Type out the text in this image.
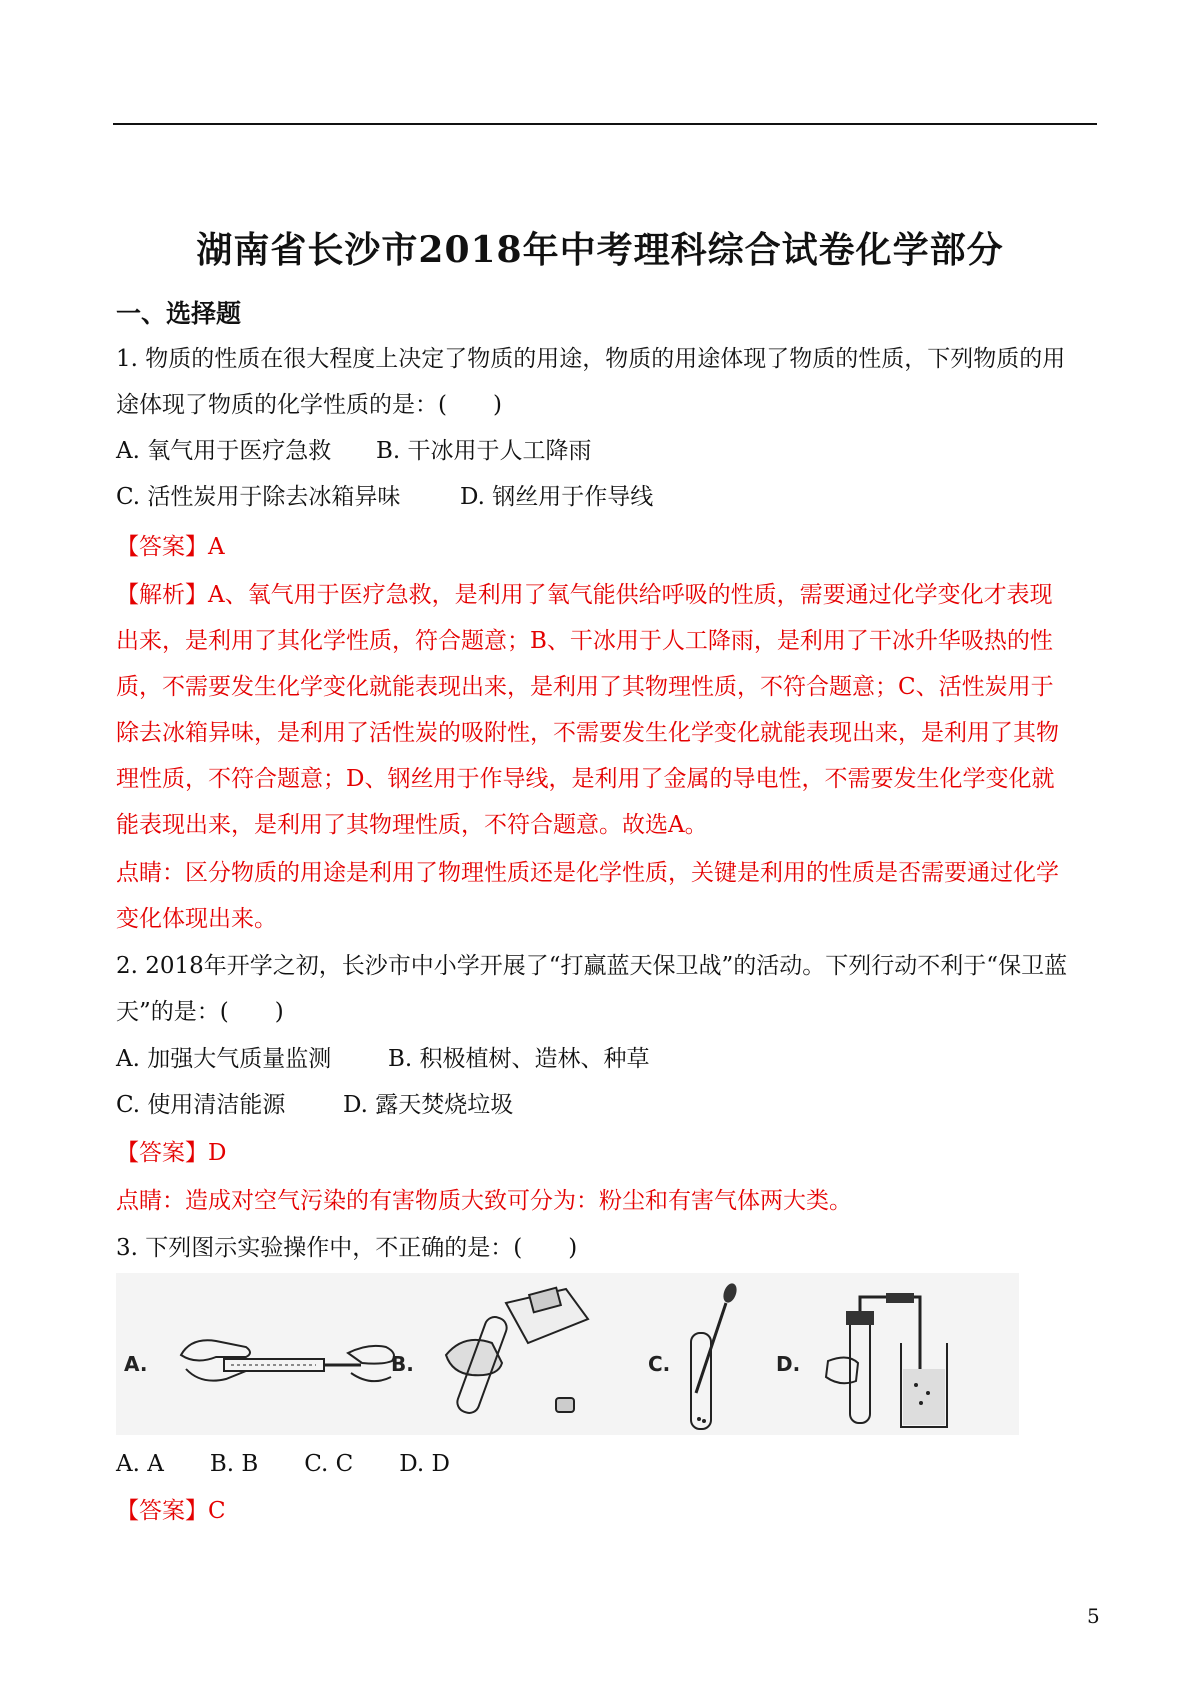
湖南省长沙市2018年中考理科综合试卷化学部分
一、选择题
1. 物质的性质在很大程度上决定了物质的用途，物质的用途体现了物质的性质，下列物质的用
途体现了物质的化学性质的是：(　　)
A. 氧气用于医疗急救 B. 干冰用于人工降雨
C. 活性炭用于除去冰箱异味	D. 钢丝用于作导线
【答案】A
【解析】A、氧气用于医疗急救，是利用了氧气能供给呼吸的性质，需要通过化学变化才表现
出来，是利用了其化学性质，符合题意；B、干冰用于人工降雨，是利用了干冰升华吸热的性
质，不需要发生化学变化就能表现出来，是利用了其物理性质，不符合题意；C、活性炭用于
除去冰箱异味，是利用了活性炭的吸附性，不需要发生化学变化就能表现出来，是利用了其物
理性质，不符合题意；D、钢丝用于作导线，是利用了金属的导电性，不需要发生化学变化就
能表现出来，是利用了其物理性质，不符合题意。故选A。
点睛：区分物质的用途是利用了物理性质还是化学性质，关键是利用的性质是否需要通过化学
变化体现出来。
2. 2018年开学之初，长沙市中小学开展了“打赢蓝天保卫战”的活动。下列行动不利于“保卫蓝
天”的是：(　　)
A. 加强大气质量监测 B. 积极植树、造林、种草
C. 使用清洁能源	D. 露天焚烧垃圾
【答案】D
点睛：造成对空气污染的有害物质大致可分为：粉尘和有害气体两大类。
3. 下列图示实验操作中，不正确的是：(　　)
A.	B.	C.	D.
A. A　　B. B　　C. C　　D. D
【答案】C
5
